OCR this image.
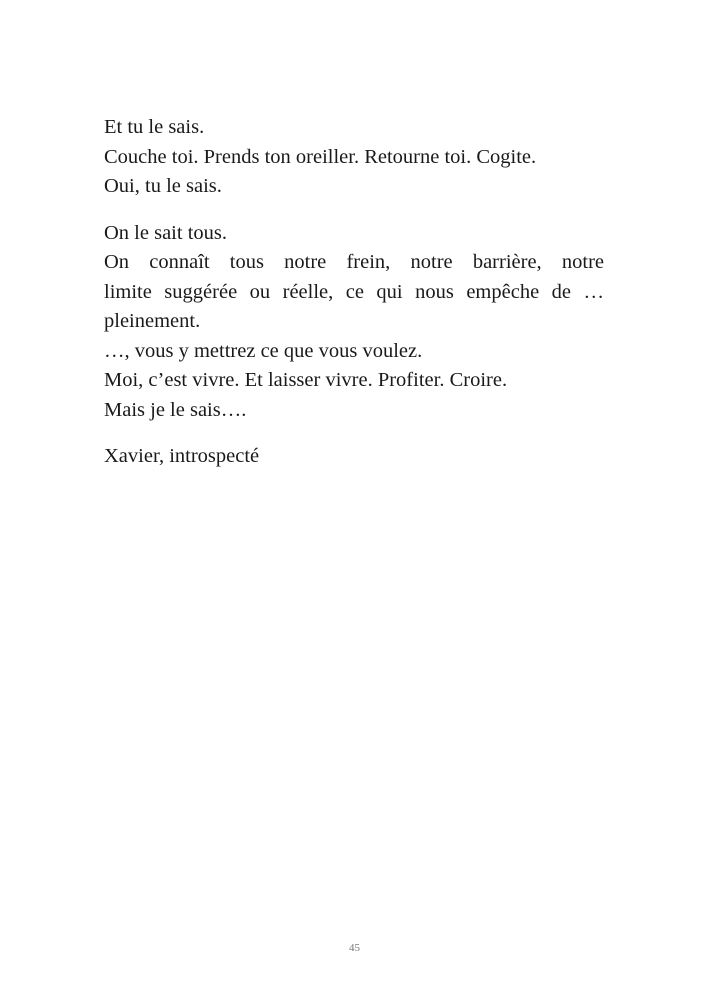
Et tu le sais.
Couche toi. Prends ton oreiller. Retourne toi. Cogite.
Oui, tu le sais.
On le sait tous.
On connaît tous notre frein, notre barrière, notre
limite suggérée ou réelle, ce qui nous empêche de …
pleinement.
…, vous y mettrez ce que vous voulez.
Moi, c’est vivre. Et laisser vivre. Profiter. Croire.
Mais je le sais….

Xavier, introspecté

45
